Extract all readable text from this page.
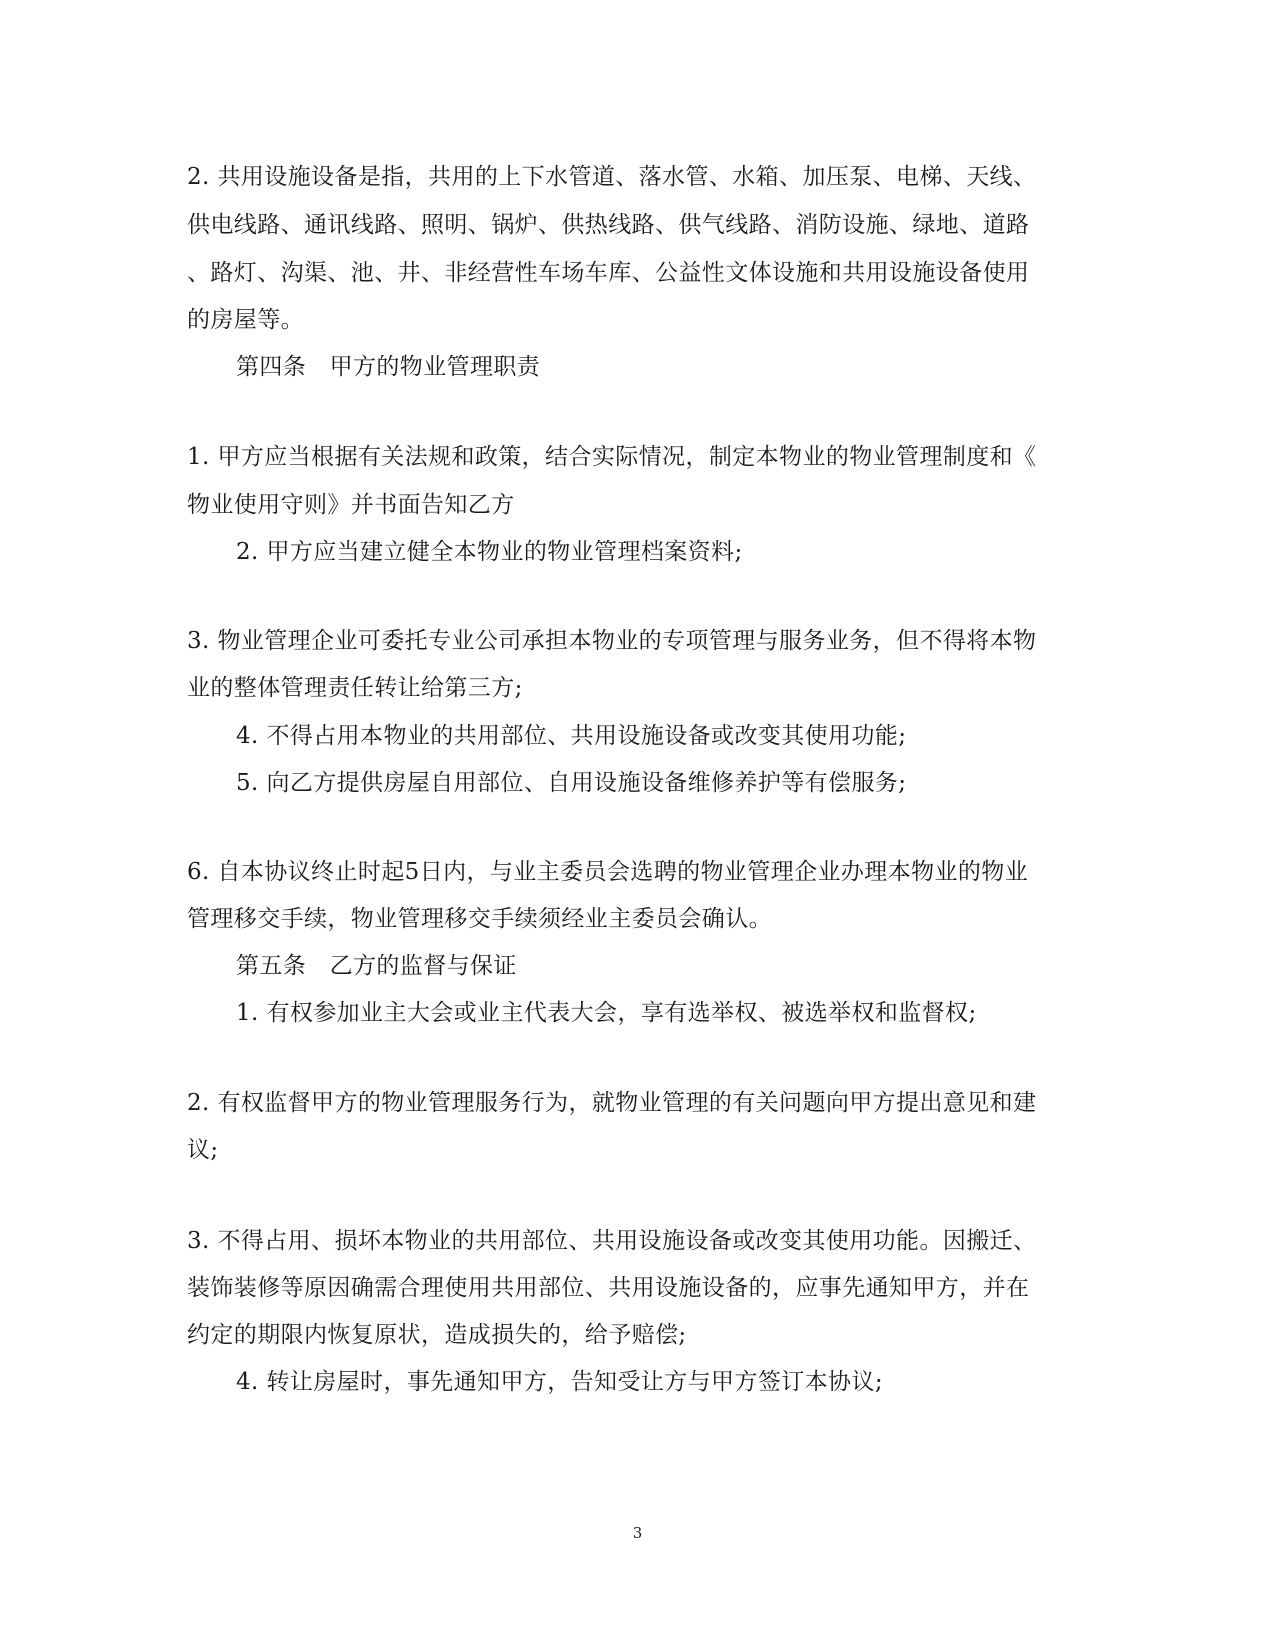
2. 共用设施设备是指，共用的上下水管道、落水管、水箱、加压泵、电梯、天线、
供电线路、通讯线路、照明、锅炉、供热线路、供气线路、消防设施、绿地、道路
、路灯、沟渠、池、井、非经营性车场车库、公益性文体设施和共用设施设备使用
的房屋等。
第四条　甲方的物业管理职责
1. 甲方应当根据有关法规和政策，结合实际情况，制定本物业的物业管理制度和《
物业使用守则》并书面告知乙方
2. 甲方应当建立健全本物业的物业管理档案资料;
3. 物业管理企业可委托专业公司承担本物业的专项管理与服务业务，但不得将本物
业的整体管理责任转让给第三方;
4. 不得占用本物业的共用部位、共用设施设备或改变其使用功能;
5. 向乙方提供房屋自用部位、自用设施设备维修养护等有偿服务;
6. 自本协议终止时起5日内，与业主委员会选聘的物业管理企业办理本物业的物业
管理移交手续，物业管理移交手续须经业主委员会确认。
第五条　乙方的监督与保证
1. 有权参加业主大会或业主代表大会，享有选举权、被选举权和监督权;
2. 有权监督甲方的物业管理服务行为，就物业管理的有关问题向甲方提出意见和建
议;
3. 不得占用、损坏本物业的共用部位、共用设施设备或改变其使用功能。因搬迁、
装饰装修等原因确需合理使用共用部位、共用设施设备的，应事先通知甲方，并在
约定的期限内恢复原状，造成损失的，给予赔偿;
4. 转让房屋时，事先通知甲方，告知受让方与甲方签订本协议;
3
